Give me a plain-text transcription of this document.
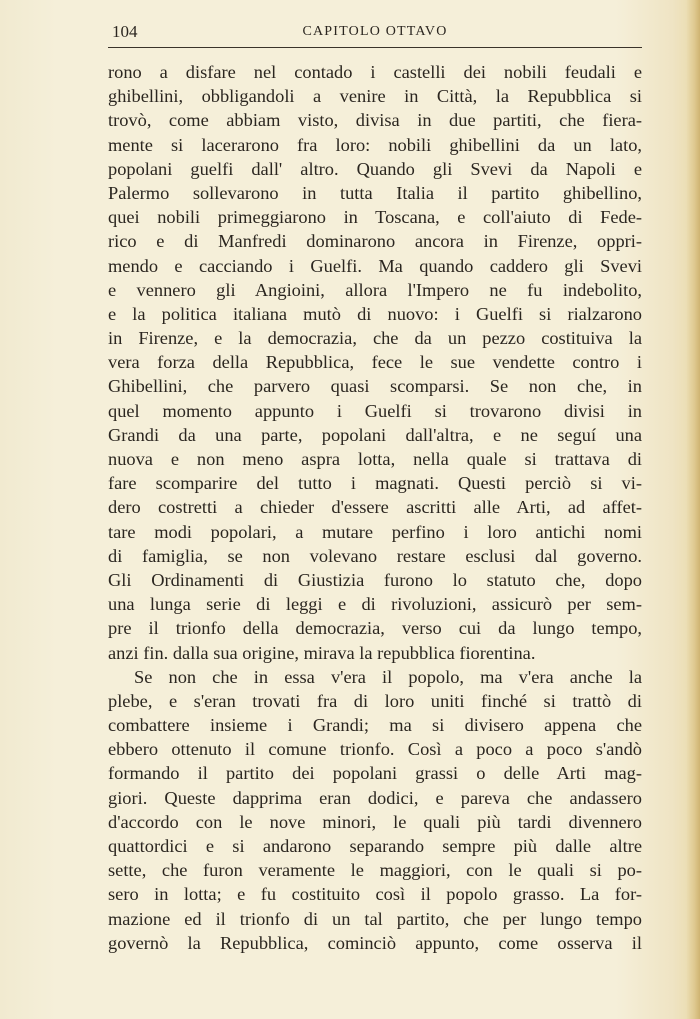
104	CAPITOLO OTTAVO
rono a disfare nel contado i castelli dei nobili feudali e
ghibellini, obbligandoli a venire in Città, la Repubblica si
trovò, come abbiam visto, divisa in due partiti, che fiera-
mente si lacerarono fra loro: nobili ghibellini da un lato,
popolani guelfi dall' altro. Quando gli Svevi da Napoli e
Palermo sollevarono in tutta Italia il partito ghibellino,
quei nobili primeggiarono in Toscana, e coll'aiuto di Fede-
rico e di Manfredi dominarono ancora in Firenze, oppri-
mendo e cacciando i Guelfi. Ma quando caddero gli Svevi
e vennero gli Angioini, allora l'Impero ne fu indebolito,
e la politica italiana mutò di nuovo: i Guelfi si rialzarono
in Firenze, e la democrazia, che da un pezzo costituiva la
vera forza della Repubblica, fece le sue vendette contro i
Ghibellini, che parvero quasi scomparsi. Se non che, in
quel momento appunto i Guelfi si trovarono divisi in
Grandi da una parte, popolani dall'altra, e ne seguí una
nuova e non meno aspra lotta, nella quale si trattava di
fare scomparire del tutto i magnati. Questi perciò si vi-
dero costretti a chieder d'essere ascritti alle Arti, ad affet-
tare modi popolari, a mutare perfino i loro antichi nomi
di famiglia, se non volevano restare esclusi dal governo.
Gli Ordinamenti di Giustizia furono lo statuto che, dopo
una lunga serie di leggi e di rivoluzioni, assicurò per sem-
pre il trionfo della democrazia, verso cui da lungo tempo,
anzi fin. dalla sua origine, mirava la repubblica fiorentina.
Se non che in essa v'era il popolo, ma v'era anche la
plebe, e s'eran trovati fra di loro uniti finché si trattò di
combattere insieme i Grandi; ma si divisero appena che
ebbero ottenuto il comune trionfo. Così a poco a poco s'andò
formando il partito dei popolani grassi o delle Arti mag-
giori. Queste dapprima eran dodici, e pareva che andassero
d'accordo con le nove minori, le quali più tardi divennero
quattordici e si andarono separando sempre più dalle altre
sette, che furon veramente le maggiori, con le quali si po-
sero in lotta; e fu costituito così il popolo grasso. La for-
mazione ed il trionfo di un tal partito, che per lungo tempo
governò la Repubblica, cominciò appunto, come osserva il
